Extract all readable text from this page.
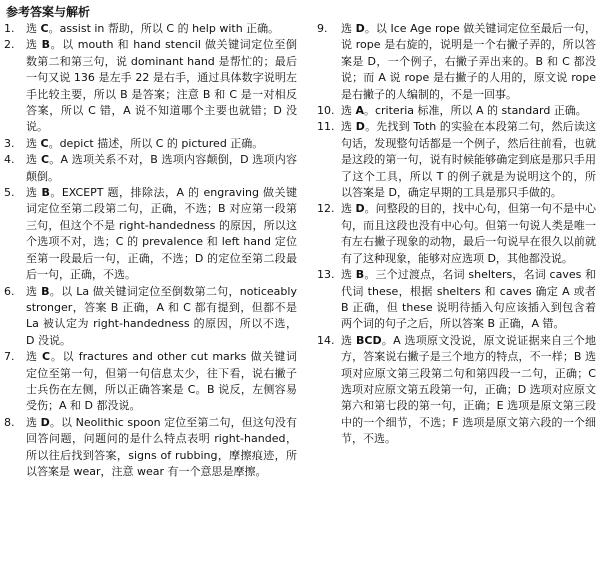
参考答案与解析
1.	选 C。assist in 帮助，所以 C 的 help with 正确。
2.	选 B。以 mouth 和 hand stencil 做关键词定位至倒数第二和第三句，说 dominant hand 是帮忙的；最后一句又说 136 是左手 22 是右手，通过具体数字说明左手比较主要，所以 B 是答案；注意 B 和 C 是一对相反答案，所以 C 错，A 说不知道哪个主要也就错；D 没说。
3.	选 C。depict 描述，所以 C 的 pictured 正确。
4.	选 C。A 选项关系不对，B 选项内容颠倒，D 选项内容颠倒。
5.	选 B。EXCEPT 题，排除法，A 的 engraving 做关键词定位至第二段第二句，正确，不选；B 对应第一段第三句，但这个不是 right-handedness 的原因，所以这个选项不对，选；C 的 prevalence 和 left hand 定位至第一段最后一句，正确，不选；D 的定位至第二段最后一句，正确，不选。
6.	选 B。以 La 做关键词定位至倒数第二句，noticeably stronger，答案 B 正确，A 和 C 都有提到，但都不是 La 被认定为 right-handedness 的原因，所以不选，D 没说。
7.	选 C。以 fractures and other cut marks 做关键词定位至第一句，但第一句信息太少，往下看，说右撇子士兵伤在左侧，所以正确答案是 C。B 说反，左侧容易受伤；A 和 D 都没说。
8.	选 D。以 Neolithic spoon 定位至第二句，但这句没有回答问题，问题问的是什么特点表明 right-handed，所以往后找到答案，signs of rubbing，摩擦痕迹，所以答案是 wear，注意 wear 有一个意思是摩擦。
9.	选 D。以 Ice Age rope 做关键词定位至最后一句，说 rope 是右旋的，说明是一个右撇子弄的，所以答案是 D，一个例子，右撇子弄出来的。B 和 C 都没说；而 A 说 rope 是右撇子的人用的，原文说 rope 是右撇子的人编制的，不是一回事。
10. 选 A。criteria 标准，所以 A 的 standard 正确。
11. 选 D。先找到 Toth 的实验在本段第二句，然后读这句话，发现整句话都是一个例子，然后往前看，也就是这段的第一句，说有时候能够确定到底是那只手用了这个工具，所以 T 的例子就是为说明这个的，所以答案是 D，确定早期的工具是那只手做的。
12. 选 D。问整段的目的，找中心句，但第一句不是中心句，而且这段也没有中心句。但第一句说人类是唯一有左右撇子现象的动物，最后一句说早在很久以前就有了这种现象，能够对应选项 D，其他都没说。
13. 选 B。三个过渡点，名词 shelters，名词 caves 和代词 these，根据 shelters 和 caves 确定 A 或者 B 正确，但 these 说明待插入句应该插入到包含着两个词的句子之后，所以答案 B 正确，A 错。
14. 选 BCD。A 选项原文没说，原文说证据来自三个地方，答案说右撇子是三个地方的特点，不一样；B 选项对应原文第三段第二句和第四段一二句，正确；C 选项对应原文第五段第一句，正确；D 选项对应原文第六和第七段的第一句，正确；E 选项是原文第三段中的一个细节，不选；F 选项是原文第六段的一个细节，不选。
